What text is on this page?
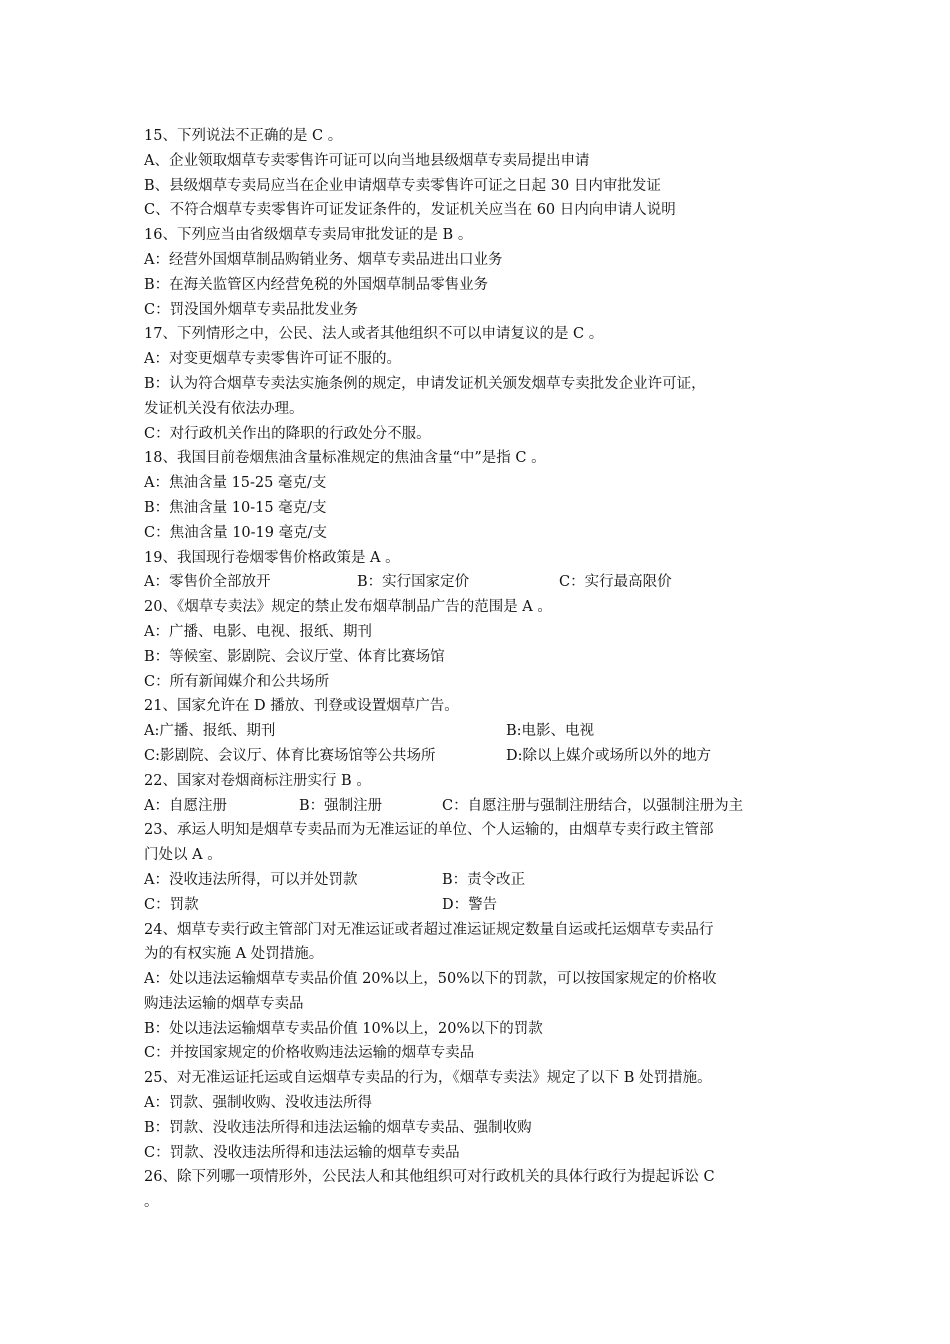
15、下列说法不正确的是 C 。
A、企业领取烟草专卖零售许可证可以向当地县级烟草专卖局提出申请
B、县级烟草专卖局应当在企业申请烟草专卖零售许可证之日起 30 日内审批发证
C、不符合烟草专卖零售许可证发证条件的，发证机关应当在 60 日内向申请人说明
16、下列应当由省级烟草专卖局审批发证的是 B 。
A：经营外国烟草制品购销业务、烟草专卖品进出口业务
B：在海关监管区内经营免税的外国烟草制品零售业务
C：罚没国外烟草专卖品批发业务
17、下列情形之中，公民、法人或者其他组织不可以申请复议的是 C 。
A：对变更烟草专卖零售许可证不服的。
B：认为符合烟草专卖法实施条例的规定，申请发证机关颁发烟草专卖批发企业许可证，
发证机关没有依法办理。
C：对行政机关作出的降职的行政处分不服。
18、我国目前卷烟焦油含量标准规定的焦油含量“中”是指 C 。
A：焦油含量 15-25 毫克/支
B：焦油含量 10-15 毫克/支
C：焦油含量 10-19 毫克/支
19、我国现行卷烟零售价格政策是 A 。
A：零售价全部放开	B：实行国家定价	C：实行最高限价
20、《烟草专卖法》规定的禁止发布烟草制品广告的范围是 A 。
A：广播、电影、电视、报纸、期刊
B：等候室、影剧院、会议厅堂、体育比赛场馆
C：所有新闻媒介和公共场所
21、国家允许在 D 播放、刊登或设置烟草广告。
A:广播、报纸、期刊	B:电影、电视
C:影剧院、会议厅、体育比赛场馆等公共场所	D:除以上媒介或场所以外的地方
22、国家对卷烟商标注册实行 B 。
A：自愿注册	B：强制注册	C：自愿注册与强制注册结合，以强制注册为主
23、承运人明知是烟草专卖品而为无准运证的单位、个人运输的，由烟草专卖行政主管部
门处以 A 。
A：没收违法所得，可以并处罚款	B：责令改正
C：罚款	D：警告
24、烟草专卖行政主管部门对无准运证或者超过准运证规定数量自运或托运烟草专卖品行
为的有权实施 A 处罚措施。
A：处以违法运输烟草专卖品价值 20%以上，50%以下的罚款，可以按国家规定的价格收
购违法运输的烟草专卖品
B：处以违法运输烟草专卖品价值 10%以上，20%以下的罚款
C：并按国家规定的价格收购违法运输的烟草专卖品
25、对无准运证托运或自运烟草专卖品的行为，《烟草专卖法》规定了以下 B 处罚措施。
A：罚款、强制收购、没收违法所得
B：罚款、没收违法所得和违法运输的烟草专卖品、强制收购
C：罚款、没收违法所得和违法运输的烟草专卖品
26、除下列哪一项情形外，公民法人和其他组织可对行政机关的具体行政行为提起诉讼 C
。
